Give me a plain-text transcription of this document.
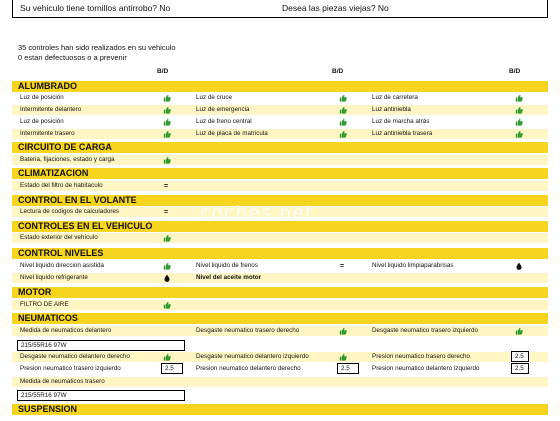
Su vehiculo tiene tornillos antirrobo? No	Desea las piezas viejas? No
35 controles han sido realizados en su vehiculo
0 estan defectuosos o a prevenir
B/D	B/D	B/D
ALUMBRADO
Luz de posición	Luz de cruce	Luz de carretera
Intermitente delantero	Luz de emergencia	Luz antiniebla
Luz de posición	Luz de freno central	Luz de marcha atrás
Intermitente trasero	Luz de placa de matricula	Luz antiniebla trasera
CIRCUITO DE CARGA
Bateria, fijaciones, estado y carga
CLIMATIZACION
Estado del filtro de habitaculo	=
CONTROL EN EL VOLANTE
Lectura de codigos de calculadores	=
CONTROLES EN EL VEHICULO
Estado exterior del vehículo
CONTROL NIVELES
Nivel liquido direccion asistida	Nivel liquido de frenos	=	Nivel liquido limpiaparabrisas
Nivel liquido refrigerante	Nivel del aceite motor
MOTOR
FILTRO DE AIRE
NEUMATICOS
Medida de neumaticos delantero	Desgaste neumatico trasero derecho	Desgaste neumatico trasero izquierdo
215/55R16 97W
Desgaste neumatico delantero derecho	Desgaste neumatico delantero izquierdo	Presion neumatico trasero derecho	2.5
Presion neumatico trasero izquierdo	2.5	Presion neumatico delantero derecho	2.5	Presion neumatico delantero izquierdo	2.5
Medida de neumaticos trasero
215/55R16 97W
SUSPENSION
coches.net
